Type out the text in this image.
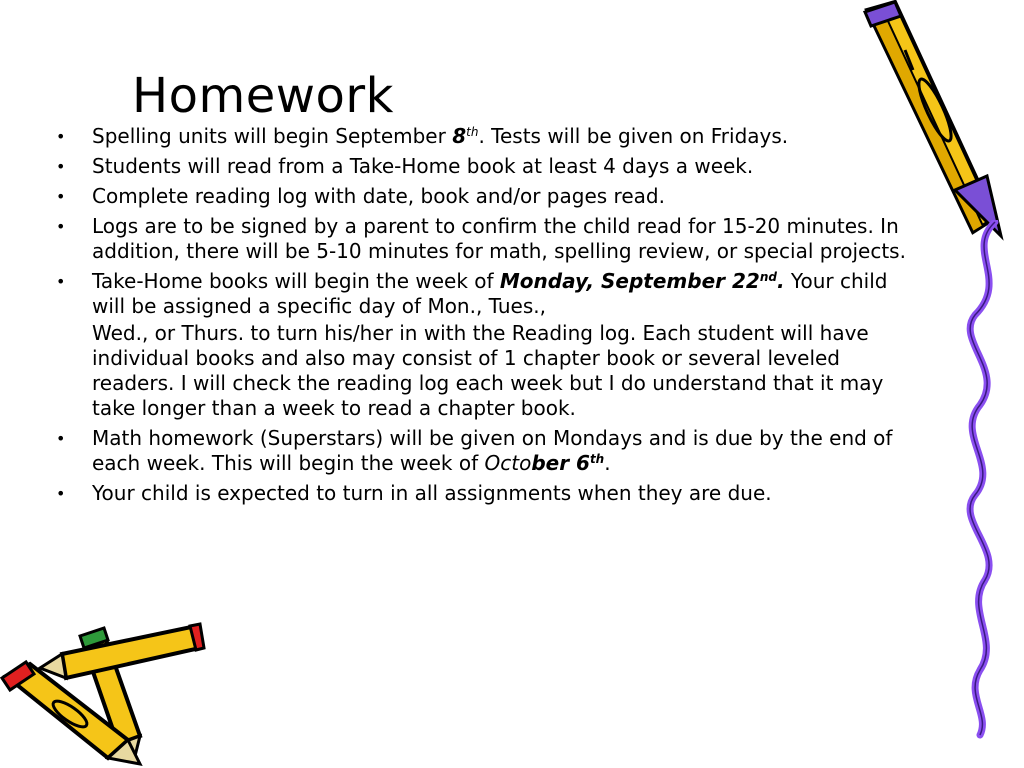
Homework
•	Spelling units will begin September 8th. Tests will be given on Fridays.
•	Students will read from a Take-Home book at least 4 days a week.
•	Complete reading log with date, book and/or pages read.
•	Logs are to be signed by a parent to confirm the child read for 15-20 minutes. In addition, there will be 5-10 minutes for math, spelling review, or special projects.
•	Take-Home books will begin the week of Monday, September 22nd. Your child will be assigned a specific day of Mon., Tues.,
Wed., or Thurs. to turn his/her in with the Reading log. Each student will have individual books and also may consist of 1 chapter book or several leveled readers. I will check the reading log each week but I do understand that it may take longer than a week to read a chapter book.
•	Math homework (Superstars) will be given on Mondays and is due by the end of each week. This will begin the week of October 6th.
•	Your child is expected to turn in all assignments when they are due.
